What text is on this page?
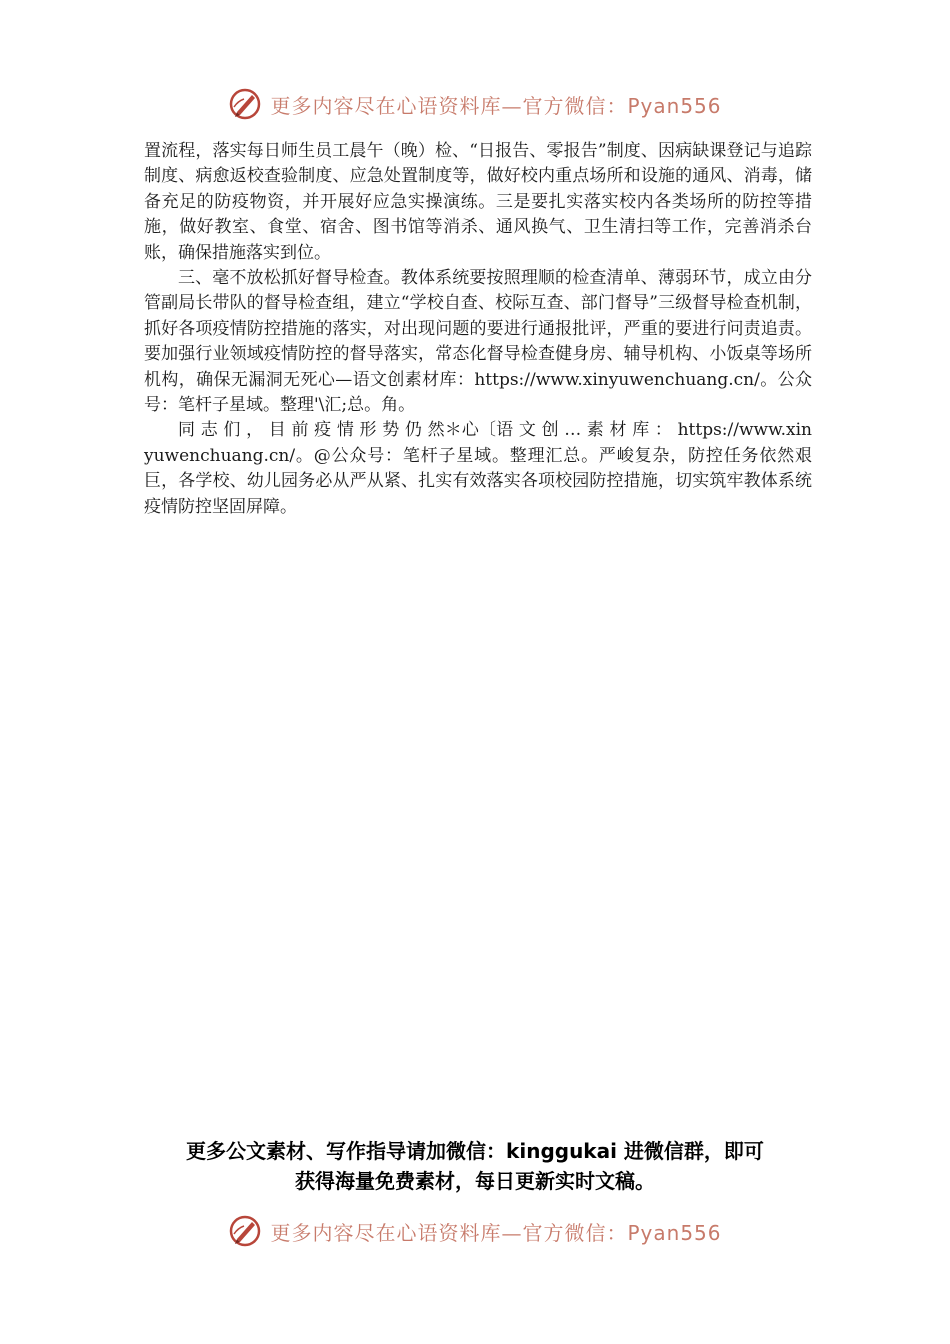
更多内容尽在心语资料库—官方微信：Pyan556

置流程，落实每日师生员工晨午（晚）检、“日报告、零报告”制度、因病缺课登记与追踪制度、病愈返校查验制度、应急处置制度等，做好校内重点场所和设施的通风、消毒，储备充足的防疫物资，并开展好应急实操演练。三是要扎实落实校内各类场所的防控等措施，做好教室、食堂、宿舍、图书馆等消杀、通风换气、卫生清扫等工作，完善消杀台账，确保措施落实到位。

三、毫不放松抓好督导检查。教体系统要按照理顺的检查清单、薄弱环节，成立由分管副局长带队的督导检查组，建立“学校自查、校际互查、部门督导”三级督导检查机制，抓好各项疫情防控措施的落实，对出现问题的要进行通报批评，严重的要进行问责追责。要加强行业领域疫情防控的督导落实，常态化督导检查健身房、辅导机构、小饭桌等场所机构，确保无漏洞无死心—语文创素材库：https://www.xinyuwenchuang.cn/。公众号：笔杆子星域。整理'\汇;总。角。

同 志 们 ， 目 前 疫 情 形 势 仍 然＊心〔语 文 创 … 素 材 库 ： https://www.xinyuwenchuang.cn/。@公众号：笔杆子星域。整理汇总。严峻复杂，防控任务依然艰巨，各学校、幼儿园务必从严从紧、扎实有效落实各项校园防控措施，切实筑牢教体系统疫情防控坚固屏障。

更多公文素材、写作指导请加微信：kinggukai 进微信群，即可
获得海量免费素材，每日更新实时文稿。
更多内容尽在心语资料库—官方微信：Pyan556
